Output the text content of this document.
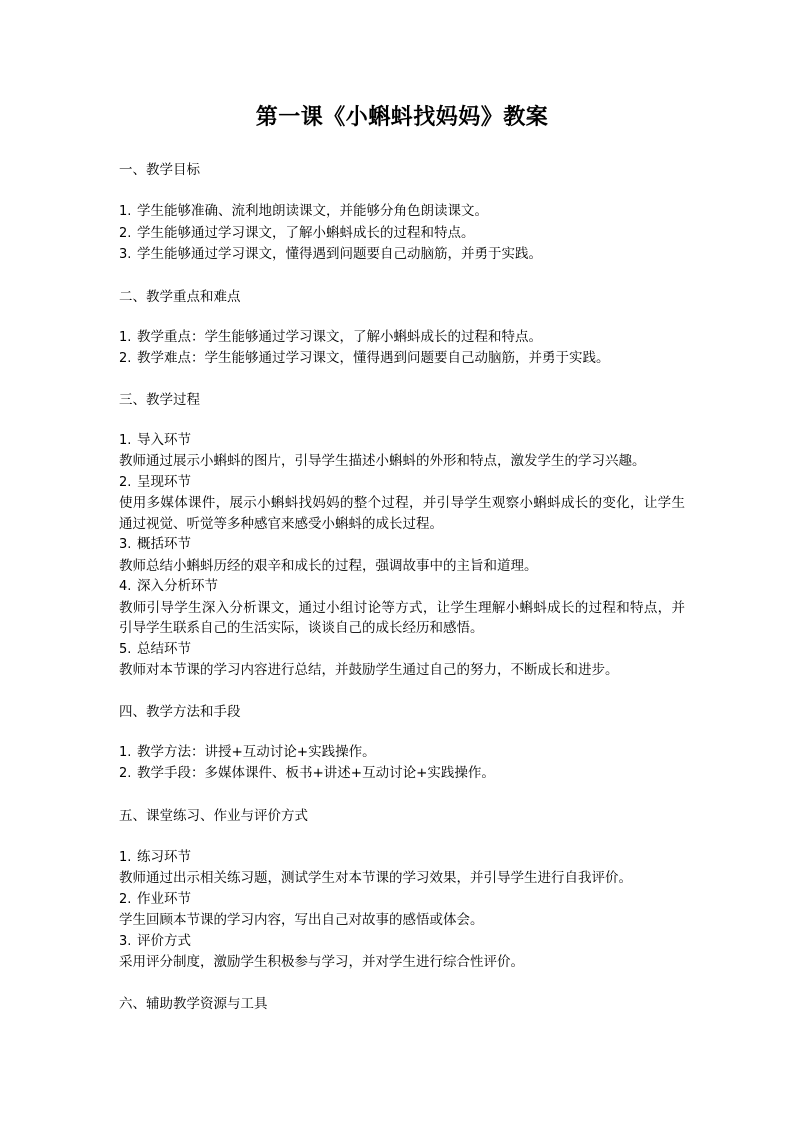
第一课《小蝌蚪找妈妈》教案

一、教学目标

1. 学生能够准确、流利地朗读课文，并能够分角色朗读课文。
2. 学生能够通过学习课文，了解小蝌蚪成长的过程和特点。
3. 学生能够通过学习课文，懂得遇到问题要自己动脑筋，并勇于实践。

二、教学重点和难点

1. 教学重点：学生能够通过学习课文，了解小蝌蚪成长的过程和特点。
2. 教学难点：学生能够通过学习课文，懂得遇到问题要自己动脑筋，并勇于实践。

三、教学过程

1. 导入环节

教师通过展示小蝌蚪的图片，引导学生描述小蝌蚪的外形和特点，激发学生的学习兴趣。

2. 呈现环节

使用多媒体课件，展示小蝌蚪找妈妈的整个过程，并引导学生观察小蝌蚪成长的变化，让学生通过视觉、听觉等多种感官来感受小蝌蚪的成长过程。

3. 概括环节

教师总结小蝌蚪历经的艰辛和成长的过程，强调故事中的主旨和道理。

4. 深入分析环节

教师引导学生深入分析课文，通过小组讨论等方式，让学生理解小蝌蚪成长的过程和特点，并引导学生联系自己的生活实际，谈谈自己的成长经历和感悟。

5. 总结环节

教师对本节课的学习内容进行总结，并鼓励学生通过自己的努力，不断成长和进步。

四、教学方法和手段

1. 教学方法：讲授+互动讨论+实践操作。
2. 教学手段：多媒体课件、板书+讲述+互动讨论+实践操作。

五、课堂练习、作业与评价方式

1. 练习环节

教师通过出示相关练习题，测试学生对本节课的学习效果，并引导学生进行自我评价。

2. 作业环节

学生回顾本节课的学习内容，写出自己对故事的感悟或体会。

3. 评价方式

采用评分制度，激励学生积极参与学习，并对学生进行综合性评价。

六、辅助教学资源与工具
